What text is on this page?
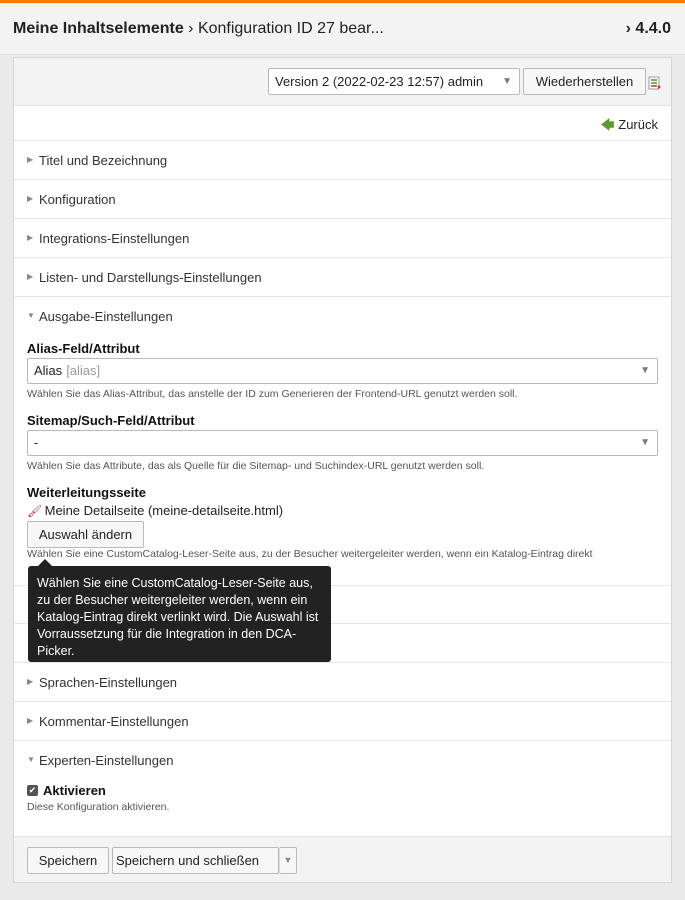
Meine Inhaltselemente › Konfiguration ID 27 bear...	› 4.4.0
Version 2 (2022-02-23 12:57) admin ▼	Wiederherstellen
🡄 Zurück
▶ Titel und Bezeichnung
▶ Konfiguration
▶ Integrations-Einstellungen
▶ Listen- und Darstellungs-Einstellungen
▼ Ausgabe-Einstellungen
Alias-Feld/Attribut
Alias [alias]	▼
Wählen Sie das Alias-Attribut, das anstelle der ID zum Generieren der Frontend-URL genutzt werden soll.
Sitemap/Such-Feld/Attribut
-	▼
Wählen Sie das Attribute, das als Quelle für die Sitemap- und Suchindex-URL genutzt werden soll.
Weiterleitungsseite
🖌 Meine Detailseite (meine-detailseite.html)
Auswahl ändern
Wählen Sie eine CustomCatalog-Leser-Seite aus, zu der Besucher weitergeleiter werden, wenn ein Katalog-Eintrag direkt
▶ Sprachen-Einstellungen
▶ Kommentar-Einstellungen
▼ Experten-Einstellungen
✔ Aktivieren
Diese Konfiguration aktivieren.
Speichern	Speichern und schließen	▼
Wählen Sie eine CustomCatalog-Leser-Seite aus, zu der Besucher weitergeleiter werden, wenn ein Katalog-Eintrag direkt verlinkt wird. Die Auswahl ist Vorraussetzung für die Integration in den DCA-Picker.
